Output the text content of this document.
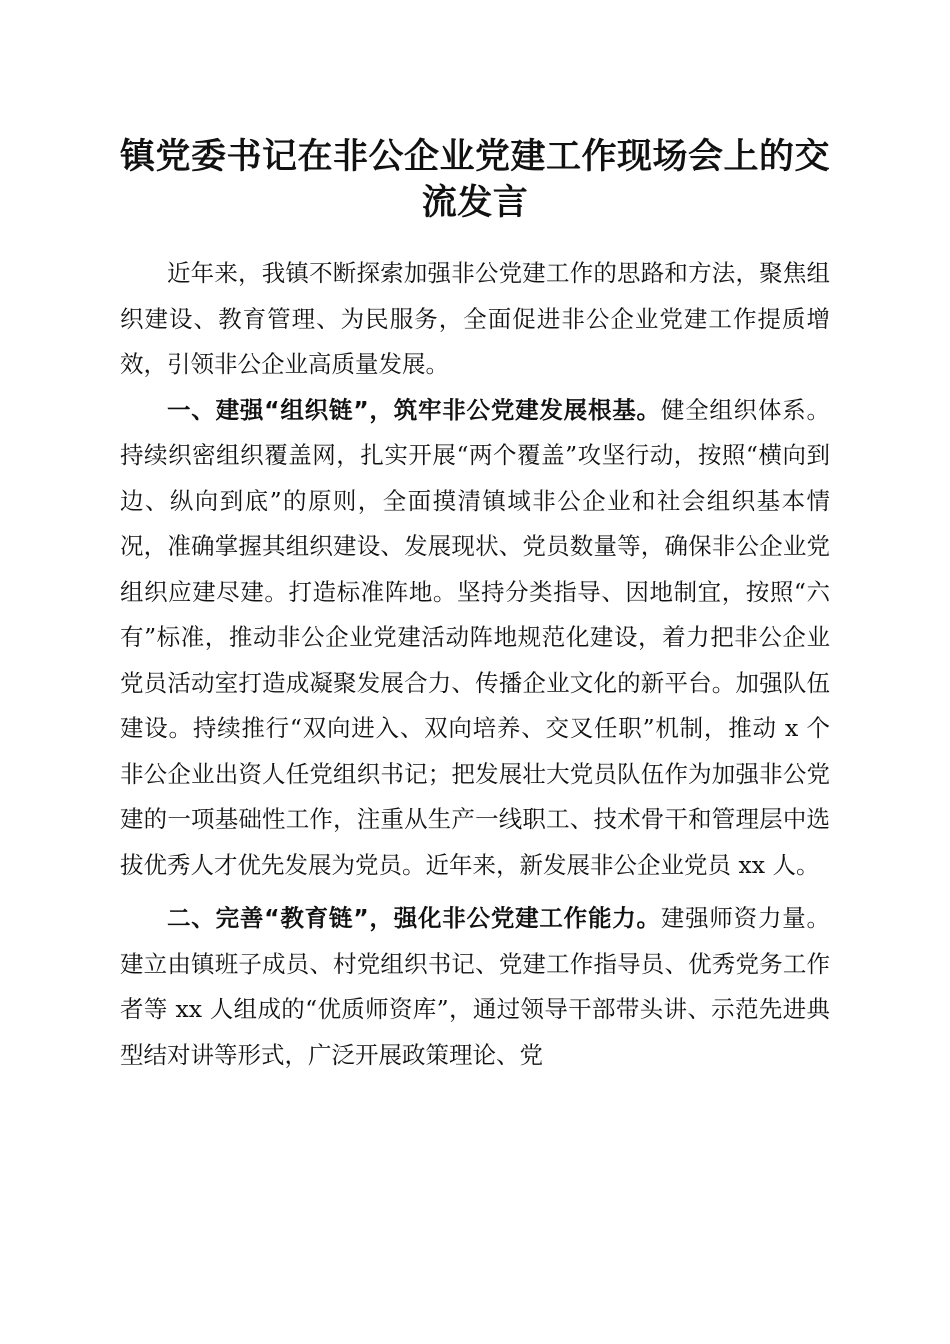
镇党委书记在非公企业党建工作现场会上的交流发言

近年来，我镇不断探索加强非公党建工作的思路和方法，聚焦组织建设、教育管理、为民服务，全面促进非公企业党建工作提质增效，引领非公企业高质量发展。

一、建强“组织链”，筑牢非公党建发展根基。健全组织体系。持续织密组织覆盖网，扎实开展“两个覆盖”攻坚行动，按照“横向到边、纵向到底”的原则，全面摸清镇域非公企业和社会组织基本情况，准确掌握其组织建设、发展现状、党员数量等，确保非公企业党组织应建尽建。打造标准阵地。坚持分类指导、因地制宜，按照“六有”标准，推动非公企业党建活动阵地规范化建设，着力把非公企业党员活动室打造成凝聚发展合力、传播企业文化的新平台。加强队伍建设。持续推行“双向进入、双向培养、交叉任职”机制，推动 x 个非公企业出资人任党组织书记；把发展壮大党员队伍作为加强非公党建的一项基础性工作，注重从生产一线职工、技术骨干和管理层中选拔优秀人才优先发展为党员。近年来，新发展非公企业党员 xx 人。

二、完善“教育链”，强化非公党建工作能力。建强师资力量。建立由镇班子成员、村党组织书记、党建工作指导员、优秀党务工作者等 xx 人组成的“优质师资库”，通过领导干部带头讲、示范先进典型结对讲等形式，广泛开展政策理论、党
